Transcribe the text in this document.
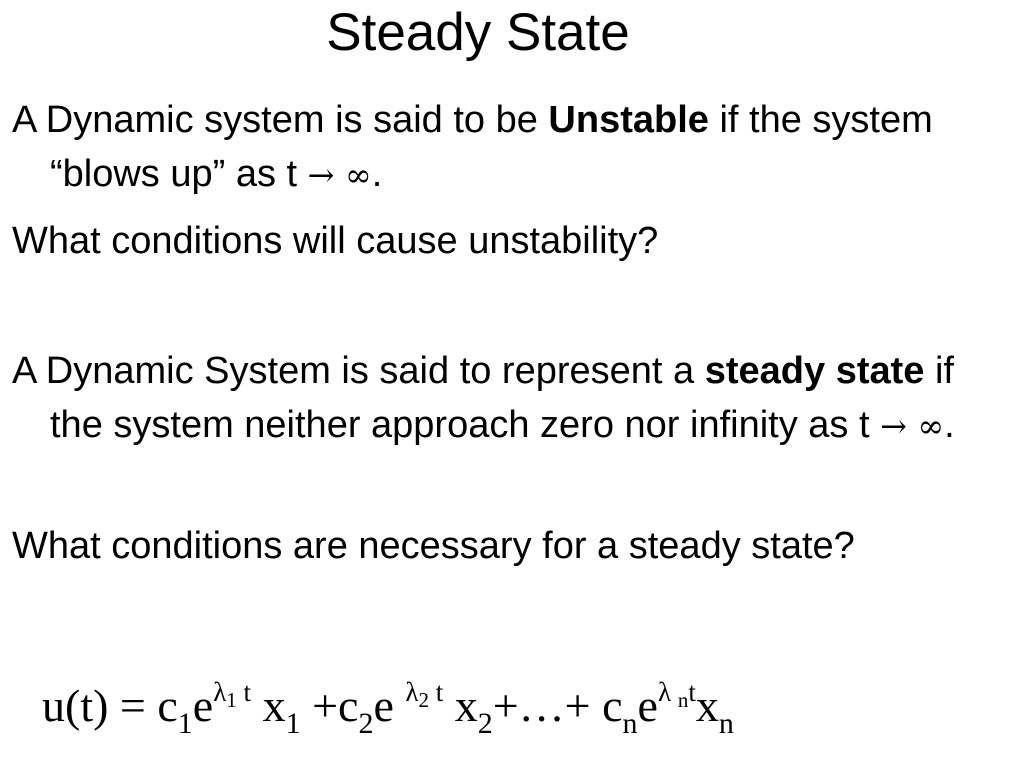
Steady State

A Dynamic system is said to be Unstable if the system “blows up” as t → ∞.

What conditions will cause unstability?

A Dynamic System is said to represent a steady state if the system neither approach zero nor infinity as t → ∞.

What conditions are necessary for a steady state?

$u(t) = c_1e^{\lambda_1 t}$ $x_1 +c_2e$ $^{\lambda_2 t}$ $x_2+\dots+ c_ne^{\lambda _nt}x_n$
